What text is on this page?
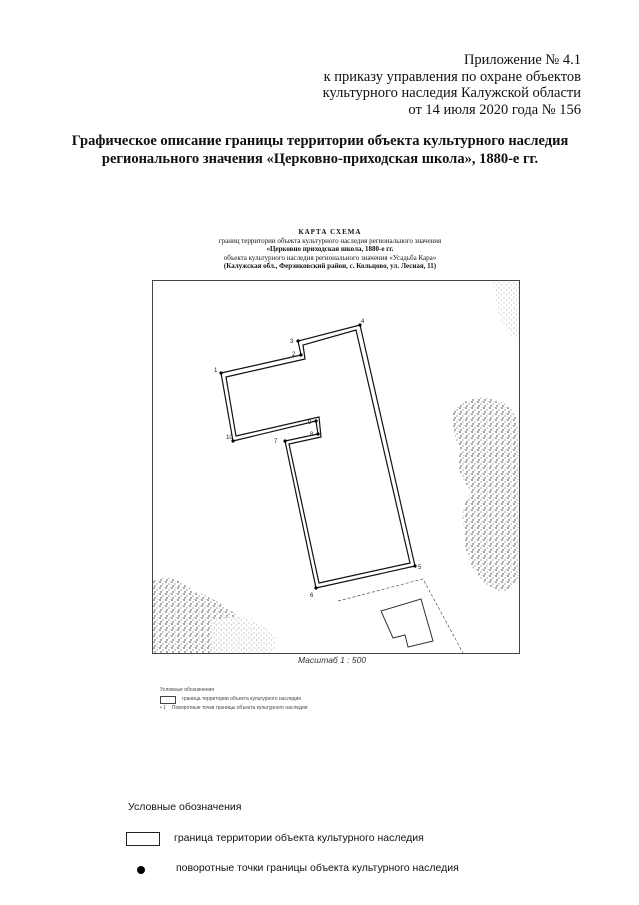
Приложение № 4.1
к приказу управления по охране объектов
культурного наследия Калужской области
от 14 июля 2020 года № 156
Графическое описание границы территории объекта культурного наследия
регионального значения «Церковно-приходская школа», 1880-е гг.
КАРТА СХЕМА
границ территории объекта культурного наследия регионального значения
«Церковно приходская школа, 1880-е гг.
объекта культурного наследия регионального значения «Усадьба Кара»
(Калужская обл., Ферзиковский район, с. Кольцово, ул. Лесная, 11)
1
2
3
4
5
6
7
8
9
10
Масштаб 1 : 500
Условные обозначения
граница территории объекта культурного наследия
• 1 Поворотные точки границы объекта культурного наследия
Условные обозначения
граница территории объекта культурного наследия
поворотные точки границы объекта культурного наследия
